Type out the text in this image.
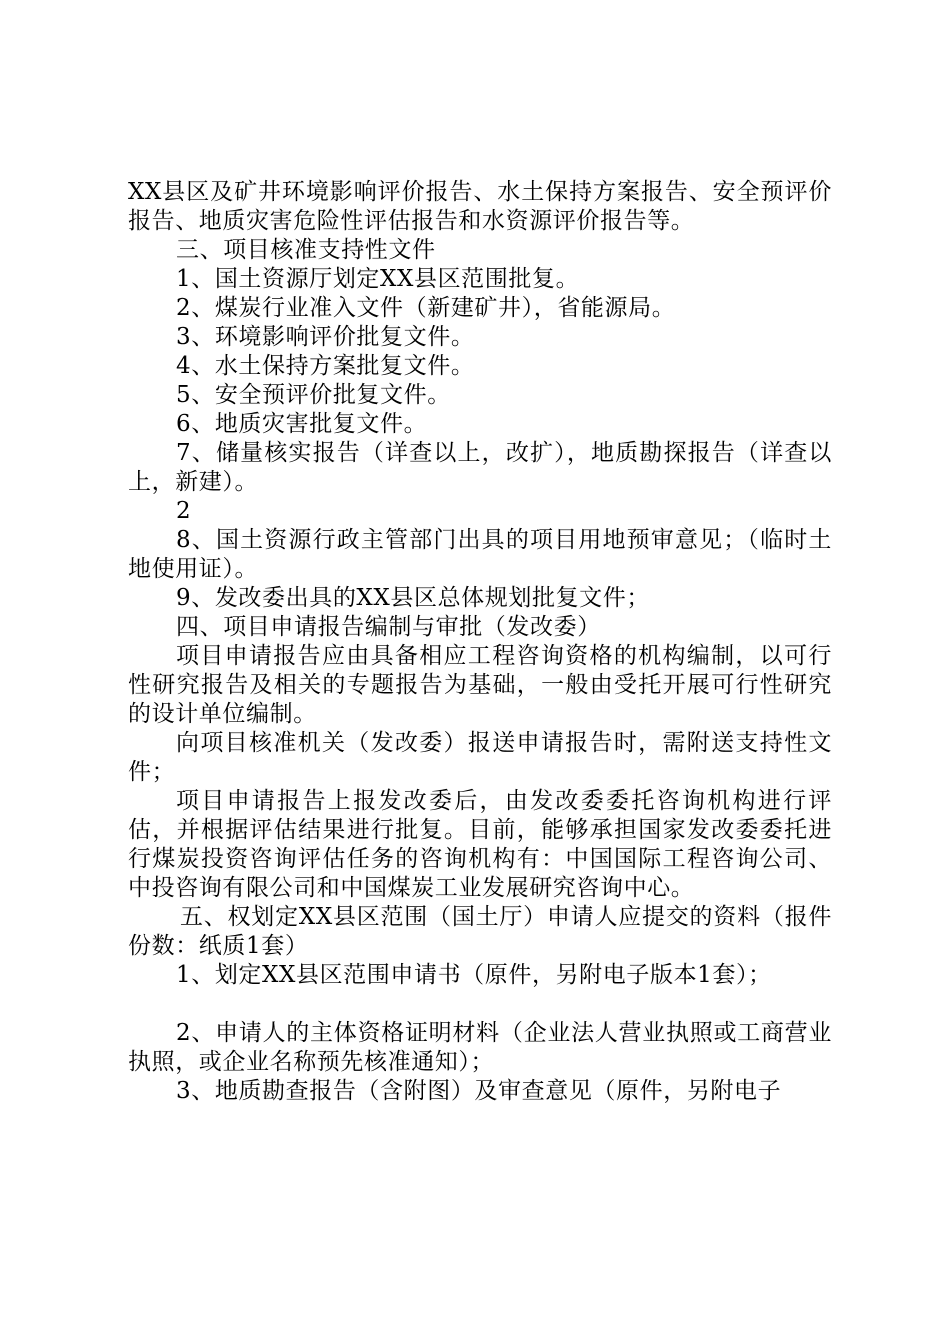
XX县区及矿井环境影响评价报告、水土保持方案报告、安全预评价报告、地质灾害危险性评估报告和水资源评价报告等。

三、项目核准支持性文件

1、国土资源厅划定XX县区范围批复。

2、煤炭行业准入文件（新建矿井），省能源局。

3、环境影响评价批复文件。

4、水土保持方案批复文件。

5、安全预评价批复文件。

6、地质灾害批复文件。

7、储量核实报告（详查以上，改扩），地质勘探报告（详查以上，新建）。

2

8、国土资源行政主管部门出具的项目用地预审意见；（临时土地使用证）。

9、发改委出具的XX县区总体规划批复文件；

四、项目申请报告编制与审批（发改委）

项目申请报告应由具备相应工程咨询资格的机构编制，以可行性研究报告及相关的专题报告为基础，一般由受托开展可行性研究的设计单位编制。

向项目核准机关（发改委）报送申请报告时，需附送支持性文件；

项目申请报告上报发改委后，由发改委委托咨询机构进行评估，并根据评估结果进行批复。目前，能够承担国家发改委委托进行煤炭投资咨询评估任务的咨询机构有：中国国际工程咨询公司、中投咨询有限公司和中国煤炭工业发展研究咨询中心。

五、权划定XX县区范围（国土厅）申请人应提交的资料（报件份数：纸质1套）

1、划定XX县区范围申请书（原件，另附电子版本1套）；

2、申请人的主体资格证明材料（企业法人营业执照或工商营业执照，或企业名称预先核准通知）；

3、地质勘查报告（含附图）及审查意见（原件，另附电子
